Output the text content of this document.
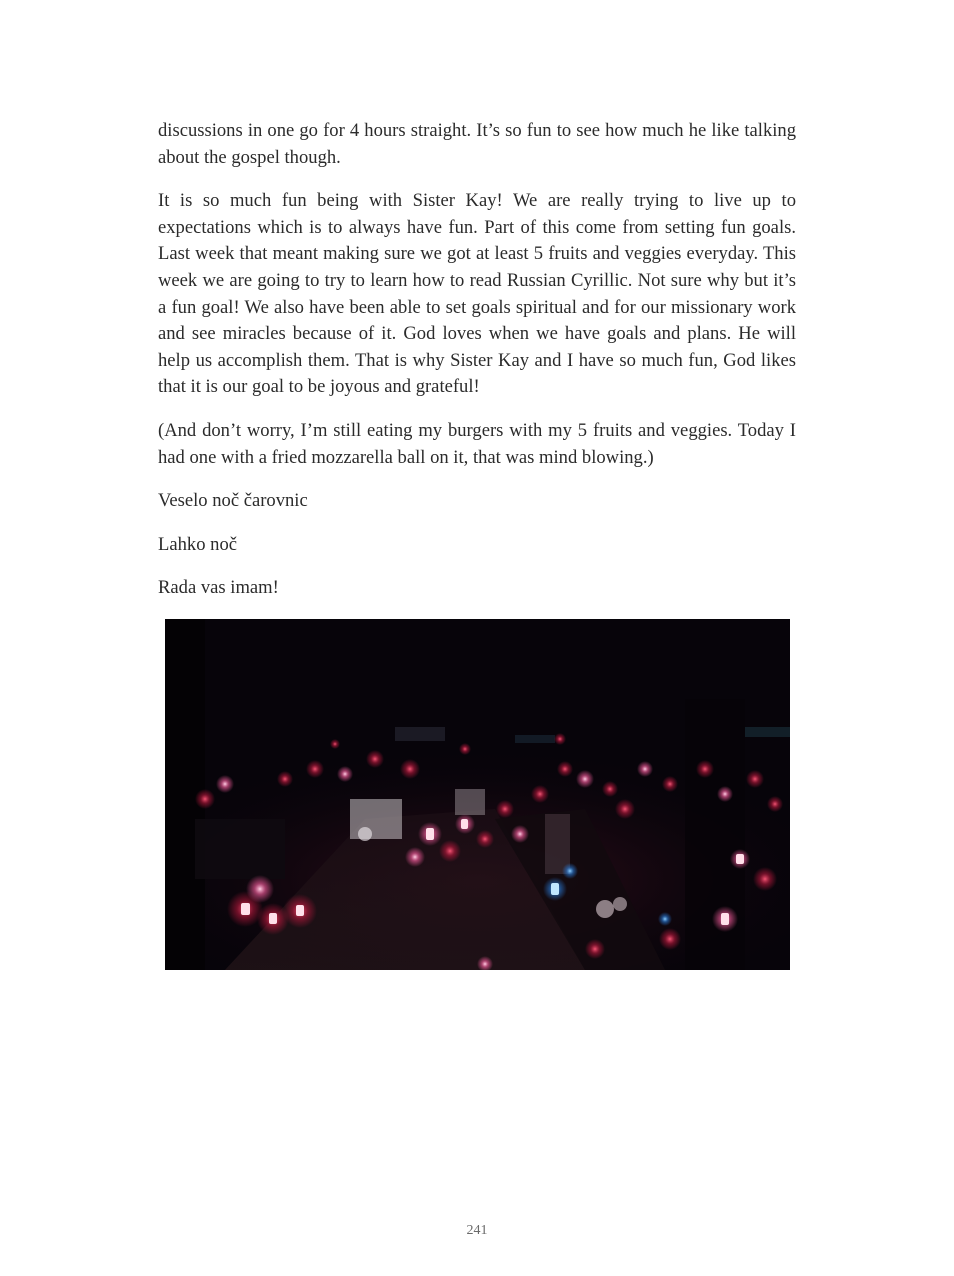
discussions in one go for 4 hours straight. It’s so fun to see how much he like talking about the gospel though.

It is so much fun being with Sister Kay! We are really trying to live up to expectations which is to always have fun. Part of this come from setting fun goals. Last week that meant making sure we got at least 5 fruits and veggies everyday. This week we are going to try to learn how to read Russian Cyrillic. Not sure why but it’s a fun goal! We also have been able to set goals spiritual and for our missionary work and see miracles because of it. God loves when we have goals and plans. He will help us accomplish them. That is why Sister Kay and I have so much fun, God likes that it is our goal to be joyous and grateful!

(And don’t worry, I’m still eating my burgers with my 5 fruits and veggies. Today I had one with a fried mozzarella ball on it, that was mind blowing.)

Veselo noč čarovnic

Lahko noč

Rada vas imam!

241
